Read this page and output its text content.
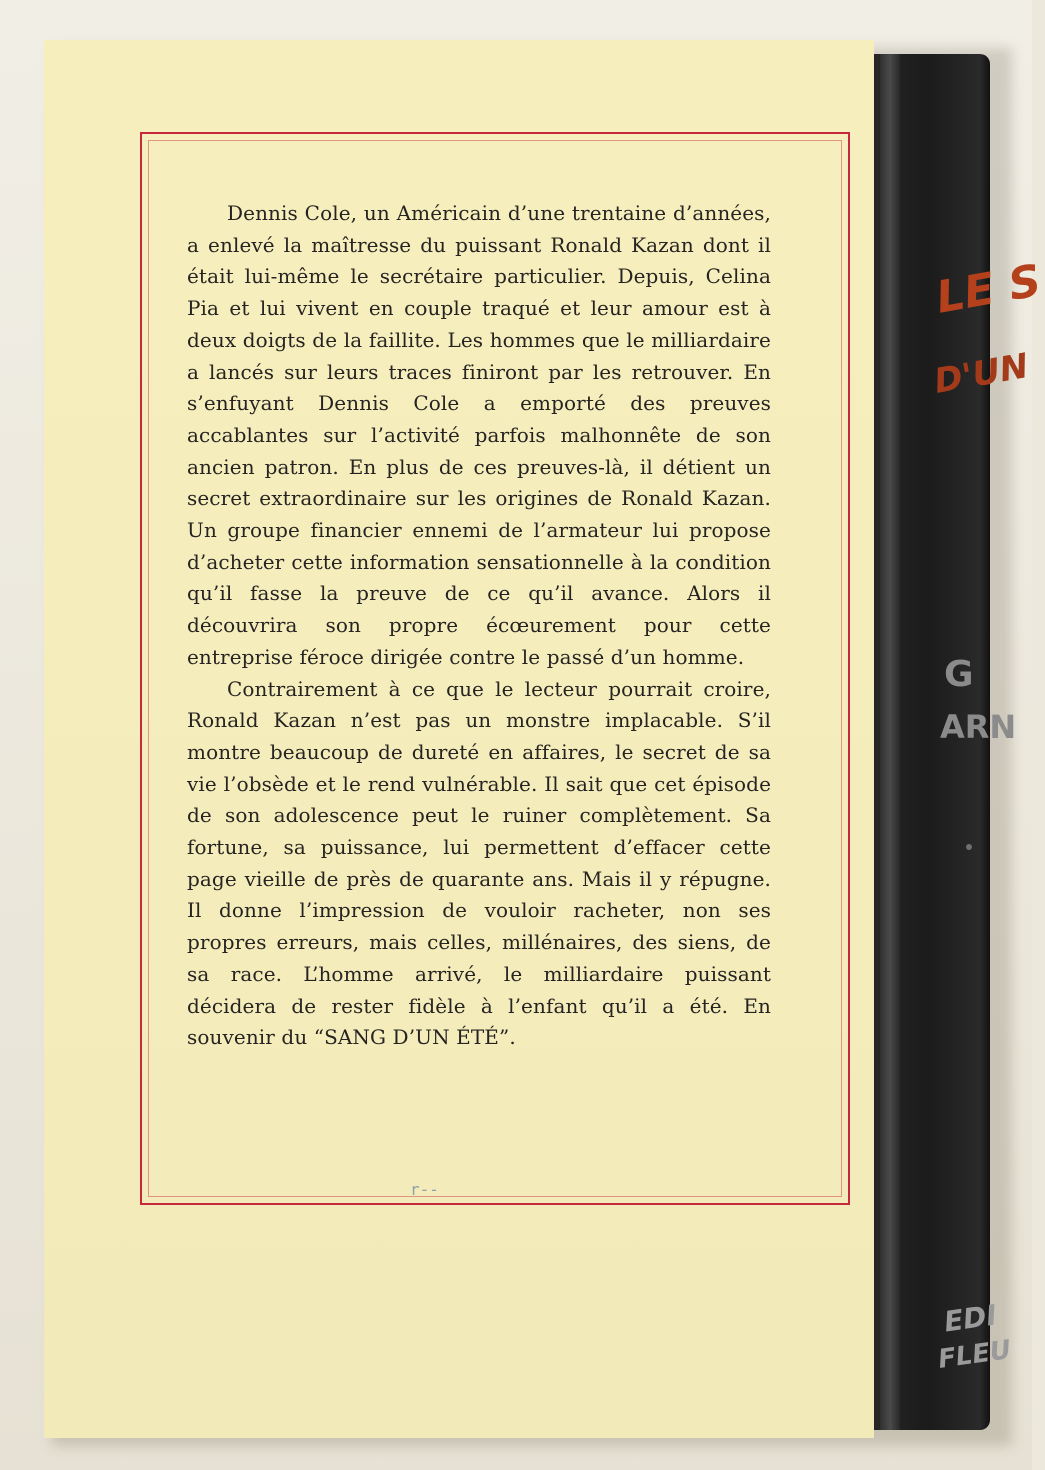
LE S
D'UN
G
ARN
EDI
FLEU

Dennis Cole, un Américain d’une trentaine d’années, a enlevé la maîtresse du puissant Ronald Kazan dont il était lui-même le secrétaire particulier. Depuis, Celina Pia et lui vivent en couple traqué et leur amour est à deux doigts de la faillite. Les hommes que le milliardaire a lancés sur leurs traces finiront par les retrouver. En s’enfuyant Dennis Cole a emporté des preuves accablantes sur l’activité parfois malhonnête de son ancien patron. En plus de ces preuves-là, il détient un secret extraordinaire sur les origines de Ronald Kazan. Un groupe financier ennemi de l’armateur lui propose d’acheter cette information sensationnelle à la condition qu’il fasse la preuve de ce qu’il avance. Alors il découvrira son propre écœurement pour cette entreprise féroce dirigée contre le passé d’un homme.

Contrairement à ce que le lecteur pourrait croire, Ronald Kazan n’est pas un monstre implacable. S’il montre beaucoup de dureté en affaires, le secret de sa vie l’obsède et le rend vulnérable. Il sait que cet épisode de son adolescence peut le ruiner complètement. Sa fortune, sa puissance, lui permettent d’effacer cette page vieille de près de quarante ans. Mais il y répugne. Il donne l’impression de vouloir racheter, non ses propres erreurs, mais celles, millénaires, des siens, de sa race. L’homme arrivé, le milliardaire puissant décidera de rester fidèle à l’enfant qu’il a été. En souvenir du “SANG D’UN ÉTÉ”.

r--
